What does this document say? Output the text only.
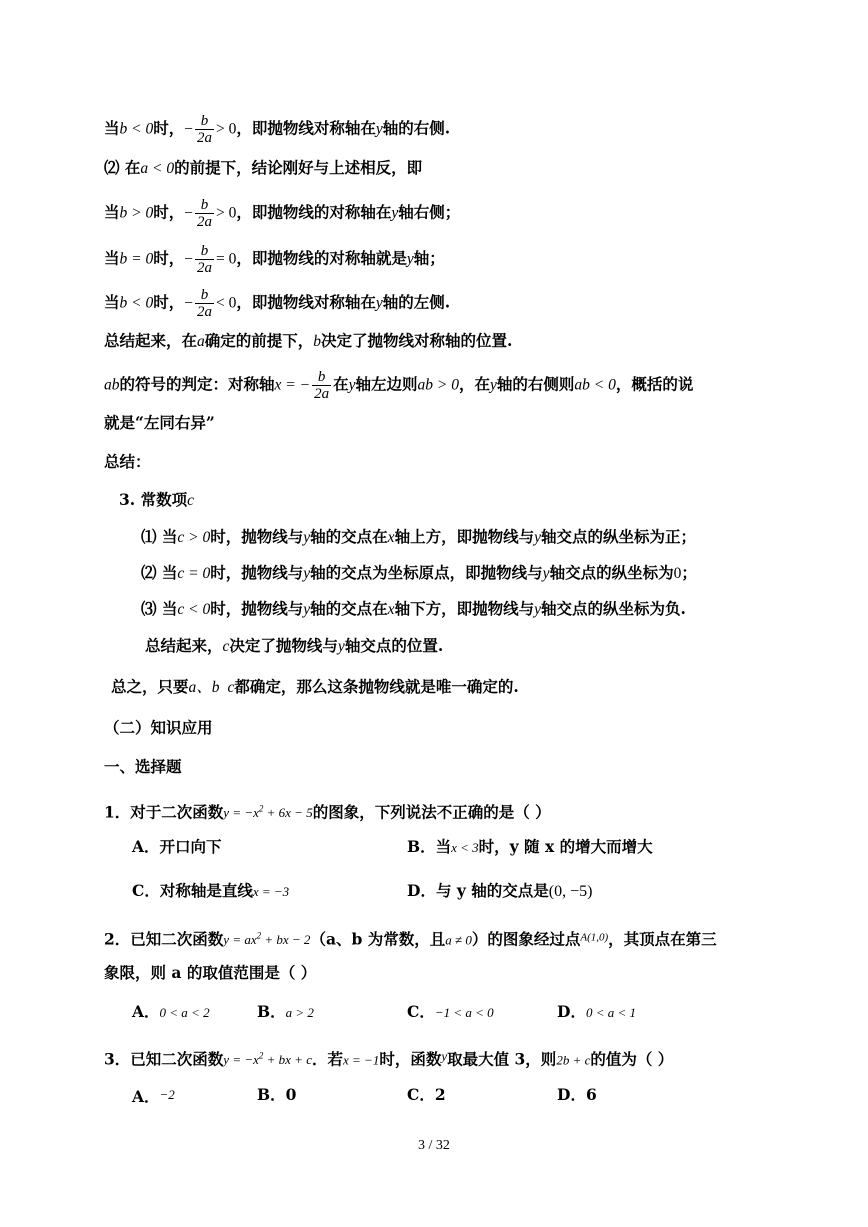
当b < 0时，− $\frac{b}{2a} > 0$，即抛物线对称轴在y轴的右侧.
⑵ 在a < 0的前提下，结论刚好与上述相反，即
当b > 0时，− $\frac{b}{2a} > 0$，即抛物线的对称轴在y轴右侧；
当b = 0时，− $\frac{b}{2a} = 0$，即抛物线的对称轴就是y轴；
当b < 0时，− $\frac{b}{2a} < 0$，即抛物线对称轴在y轴的左侧.
总结起来，在a确定的前提下，b决定了抛物线对称轴的位置.
ab的符号的判定：对称轴x = − $\frac{b}{2a}$ 在y轴左边则ab > 0，在y轴的右侧则ab < 0，概括的说
就是“左同右异”
总结：
3. 常数项c
⑴ 当c > 0时，抛物线与y轴的交点在x轴上方，即抛物线与y轴交点的纵坐标为正；
⑵ 当c = 0时，抛物线与y轴的交点为坐标原点，即抛物线与y轴交点的纵坐标为0；
⑶ 当c < 0时，抛物线与y轴的交点在x轴下方，即抛物线与y轴交点的纵坐标为负.
总结起来，c决定了抛物线与y轴交点的位置.
总之，只要a、b c都确定，那么这条抛物线就是唯一确定的.
（二）知识应用
一、选择题
1．对于二次函数$y = -x^2 + 6x - 5$的图象，下列说法不正确的是（ ）
A．开口向下	B．当x < 3时，y 随 x 的增大而增大
C．对称轴是直线x = −3	D．与 y 轴的交点是(0, −5)
2．已知二次函数$y = ax^2$ + bx − 2（a、b 为常数，且a ≠ 0）的图象经过点$^{A(1,0)}$，其顶点在第三
象限，则 a 的取值范围是（ ）
A．0 < a < 2	B．a > 2	C．−1 < a < 0	D．0 < a < 1
3．已知二次函数$y = -x^2$ + bx + c．若x = −1时，函数$^y$取最大值 3，则2b + c的值为（ ）
A．−2	B．0	C．2	D．6
3 / 32
